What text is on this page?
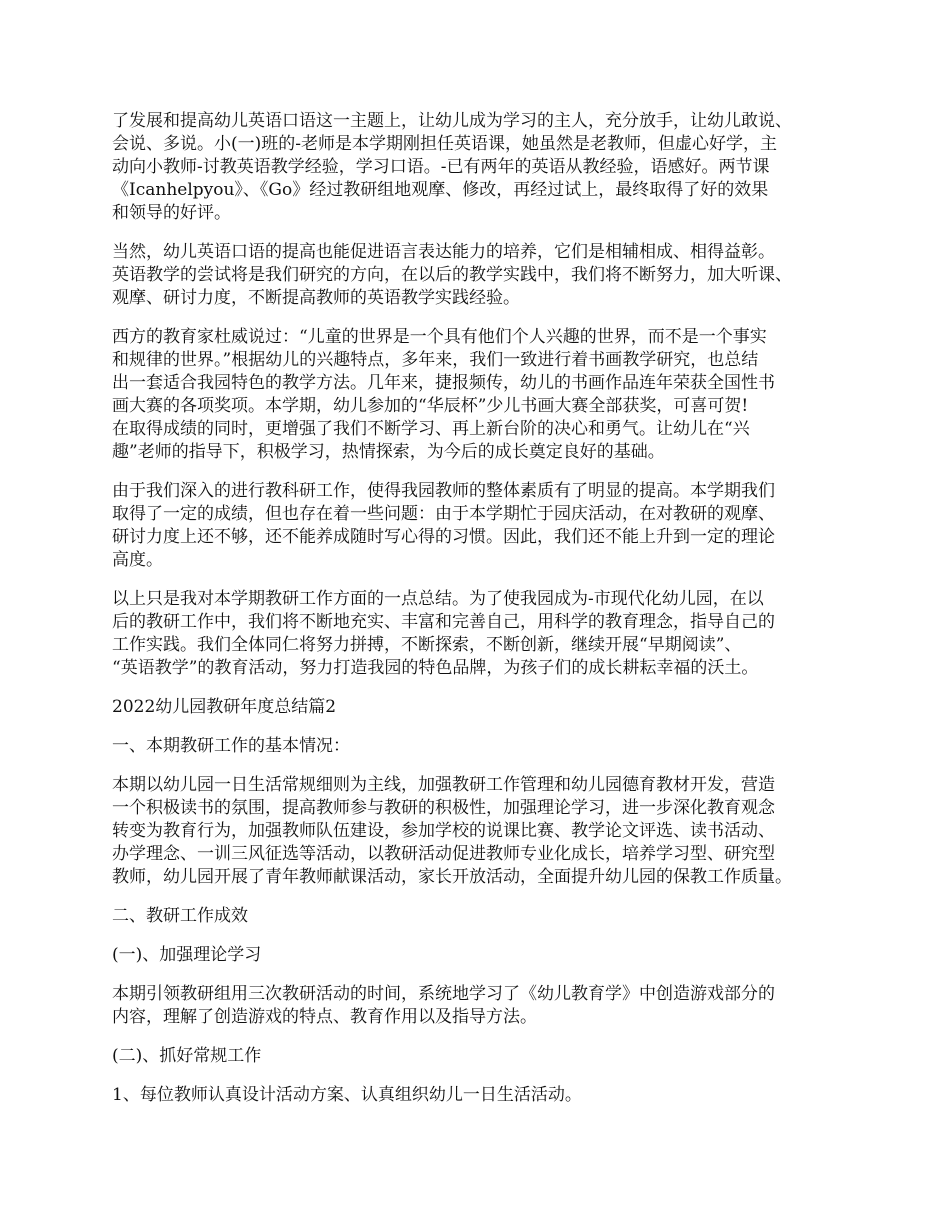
了发展和提高幼儿英语口语这一主题上，让幼儿成为学习的主人，充分放手，让幼儿敢说、
会说、多说。小(一)班的-老师是本学期刚担任英语课，她虽然是老教师，但虚心好学，主
动向小教师-讨教英语教学经验，学习口语。-已有两年的英语从教经验，语感好。两节课
《Icanhelpyou》、《Go》经过教研组地观摩、修改，再经过试上，最终取得了好的效果
和领导的好评。

当然，幼儿英语口语的提高也能促进语言表达能力的培养，它们是相辅相成、相得益彰。
英语教学的尝试将是我们研究的方向，在以后的教学实践中，我们将不断努力，加大听课、
观摩、研讨力度，不断提高教师的英语教学实践经验。

西方的教育家杜威说过：“儿童的世界是一个具有他们个人兴趣的世界，而不是一个事实
和规律的世界。”根据幼儿的兴趣特点，多年来，我们一致进行着书画教学研究，也总结
出一套适合我园特色的教学方法。几年来，捷报频传，幼儿的书画作品连年荣获全国性书
画大赛的各项奖项。本学期，幼儿参加的“华辰杯”少儿书画大赛全部获奖，可喜可贺!
在取得成绩的同时，更增强了我们不断学习、再上新台阶的决心和勇气。让幼儿在“兴
趣”老师的指导下，积极学习，热情探索，为今后的成长奠定良好的基础。

由于我们深入的进行教科研工作，使得我园教师的整体素质有了明显的提高。本学期我们
取得了一定的成绩，但也存在着一些问题：由于本学期忙于园庆活动，在对教研的观摩、
研讨力度上还不够，还不能养成随时写心得的习惯。因此，我们还不能上升到一定的理论
高度。

以上只是我对本学期教研工作方面的一点总结。为了使我园成为-市现代化幼儿园，在以
后的教研工作中，我们将不断地充实、丰富和完善自己，用科学的教育理念，指导自己的
工作实践。我们全体同仁将努力拼搏，不断探索，不断创新，继续开展“早期阅读”、
“英语教学”的教育活动，努力打造我园的特色品牌，为孩子们的成长耕耘幸福的沃土。

2022幼儿园教研年度总结篇2

一、本期教研工作的基本情况：

本期以幼儿园一日生活常规细则为主线，加强教研工作管理和幼儿园德育教材开发，营造
一个积极读书的氛围，提高教师参与教研的积极性，加强理论学习，进一步深化教育观念
转变为教育行为，加强教师队伍建设，参加学校的说课比赛、教学论文评选、读书活动、
办学理念、一训三风征选等活动，以教研活动促进教师专业化成长，培养学习型、研究型
教师，幼儿园开展了青年教师献课活动，家长开放活动，全面提升幼儿园的保教工作质量。

二、教研工作成效

(一)、加强理论学习

本期引领教研组用三次教研活动的时间，系统地学习了《幼儿教育学》中创造游戏部分的
内容，理解了创造游戏的特点、教育作用以及指导方法。

(二)、抓好常规工作

1、每位教师认真设计活动方案、认真组织幼儿一日生活活动。
